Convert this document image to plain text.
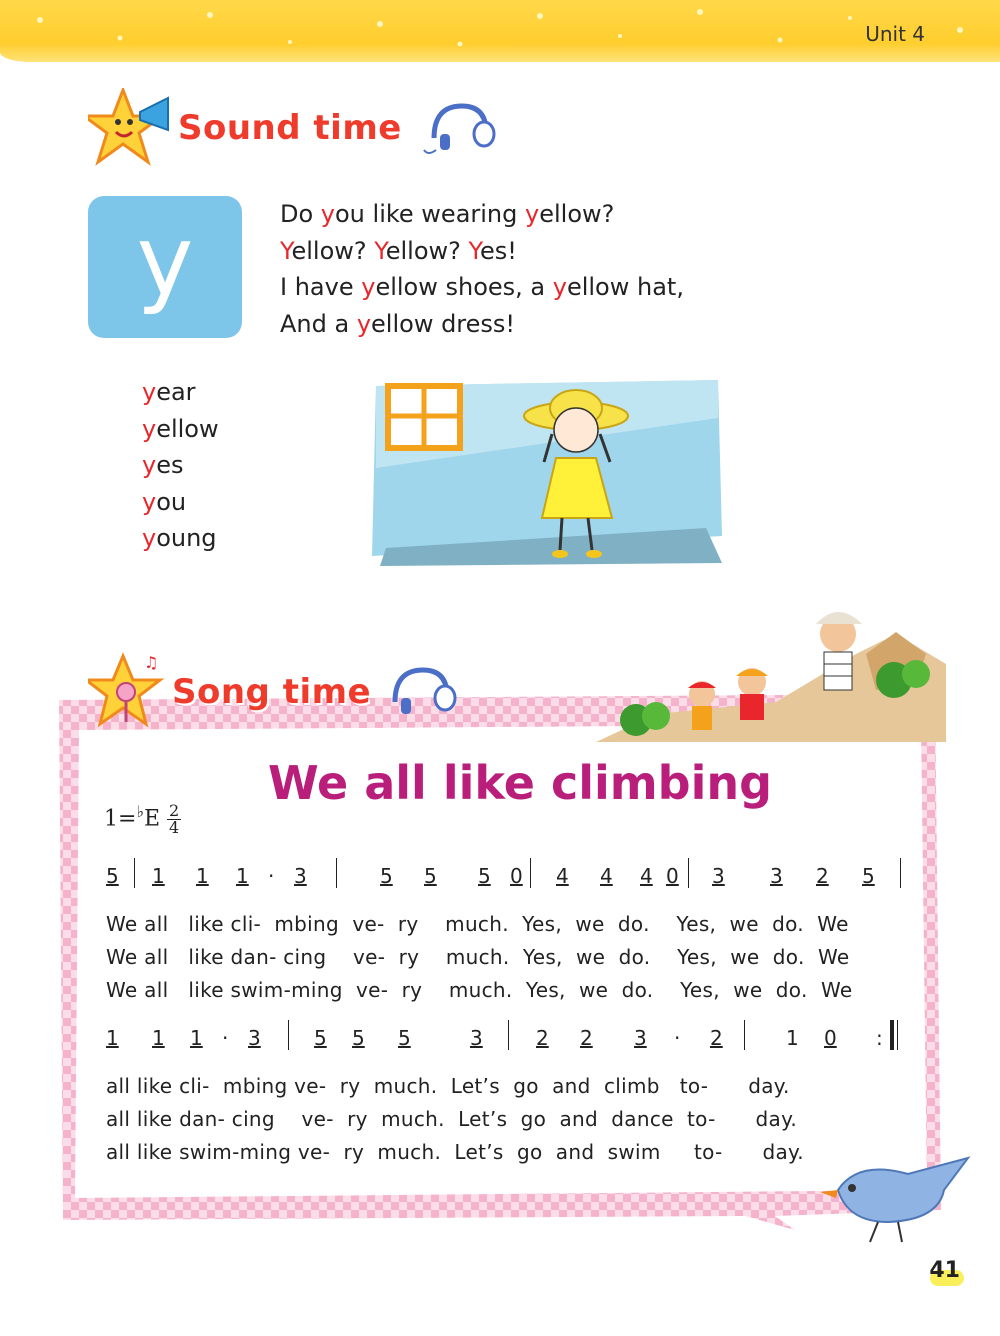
Unit 4
Sound time
y	Do you like wearing yellow?
Yellow? Yellow? Yes!
I have yellow shoes, a yellow hat,
And a yellow dress!
year
yellow
yes
you
young
♫
Song time
We all like climbing
$1=^♭E \frac{2}{4}$
5 1 1 1 · 3	5 5 5 0 4 4 4 0 3 3 2 5
We all   like cli-  mbing  ve-  ry    much.  Yes,  we  do.    Yes,  we  do.  We
We all   like dan- cing    ve-  ry    much.  Yes,  we  do.    Yes,  we  do.  We
We all   like swim-ming  ve-  ry    much.  Yes,  we  do.    Yes,  we  do.  We
1 1 1 · 3	5 5 5	3	2 2 3 · 2	1 0 :
all like cli-  mbing ve-  ry  much.  Let’s  go  and  climb   to-      day.
all like dan- cing    ve-  ry  much.  Let’s  go  and  dance  to-      day.
all like swim-ming ve-  ry  much.  Let’s  go  and  swim     to-      day.
41
